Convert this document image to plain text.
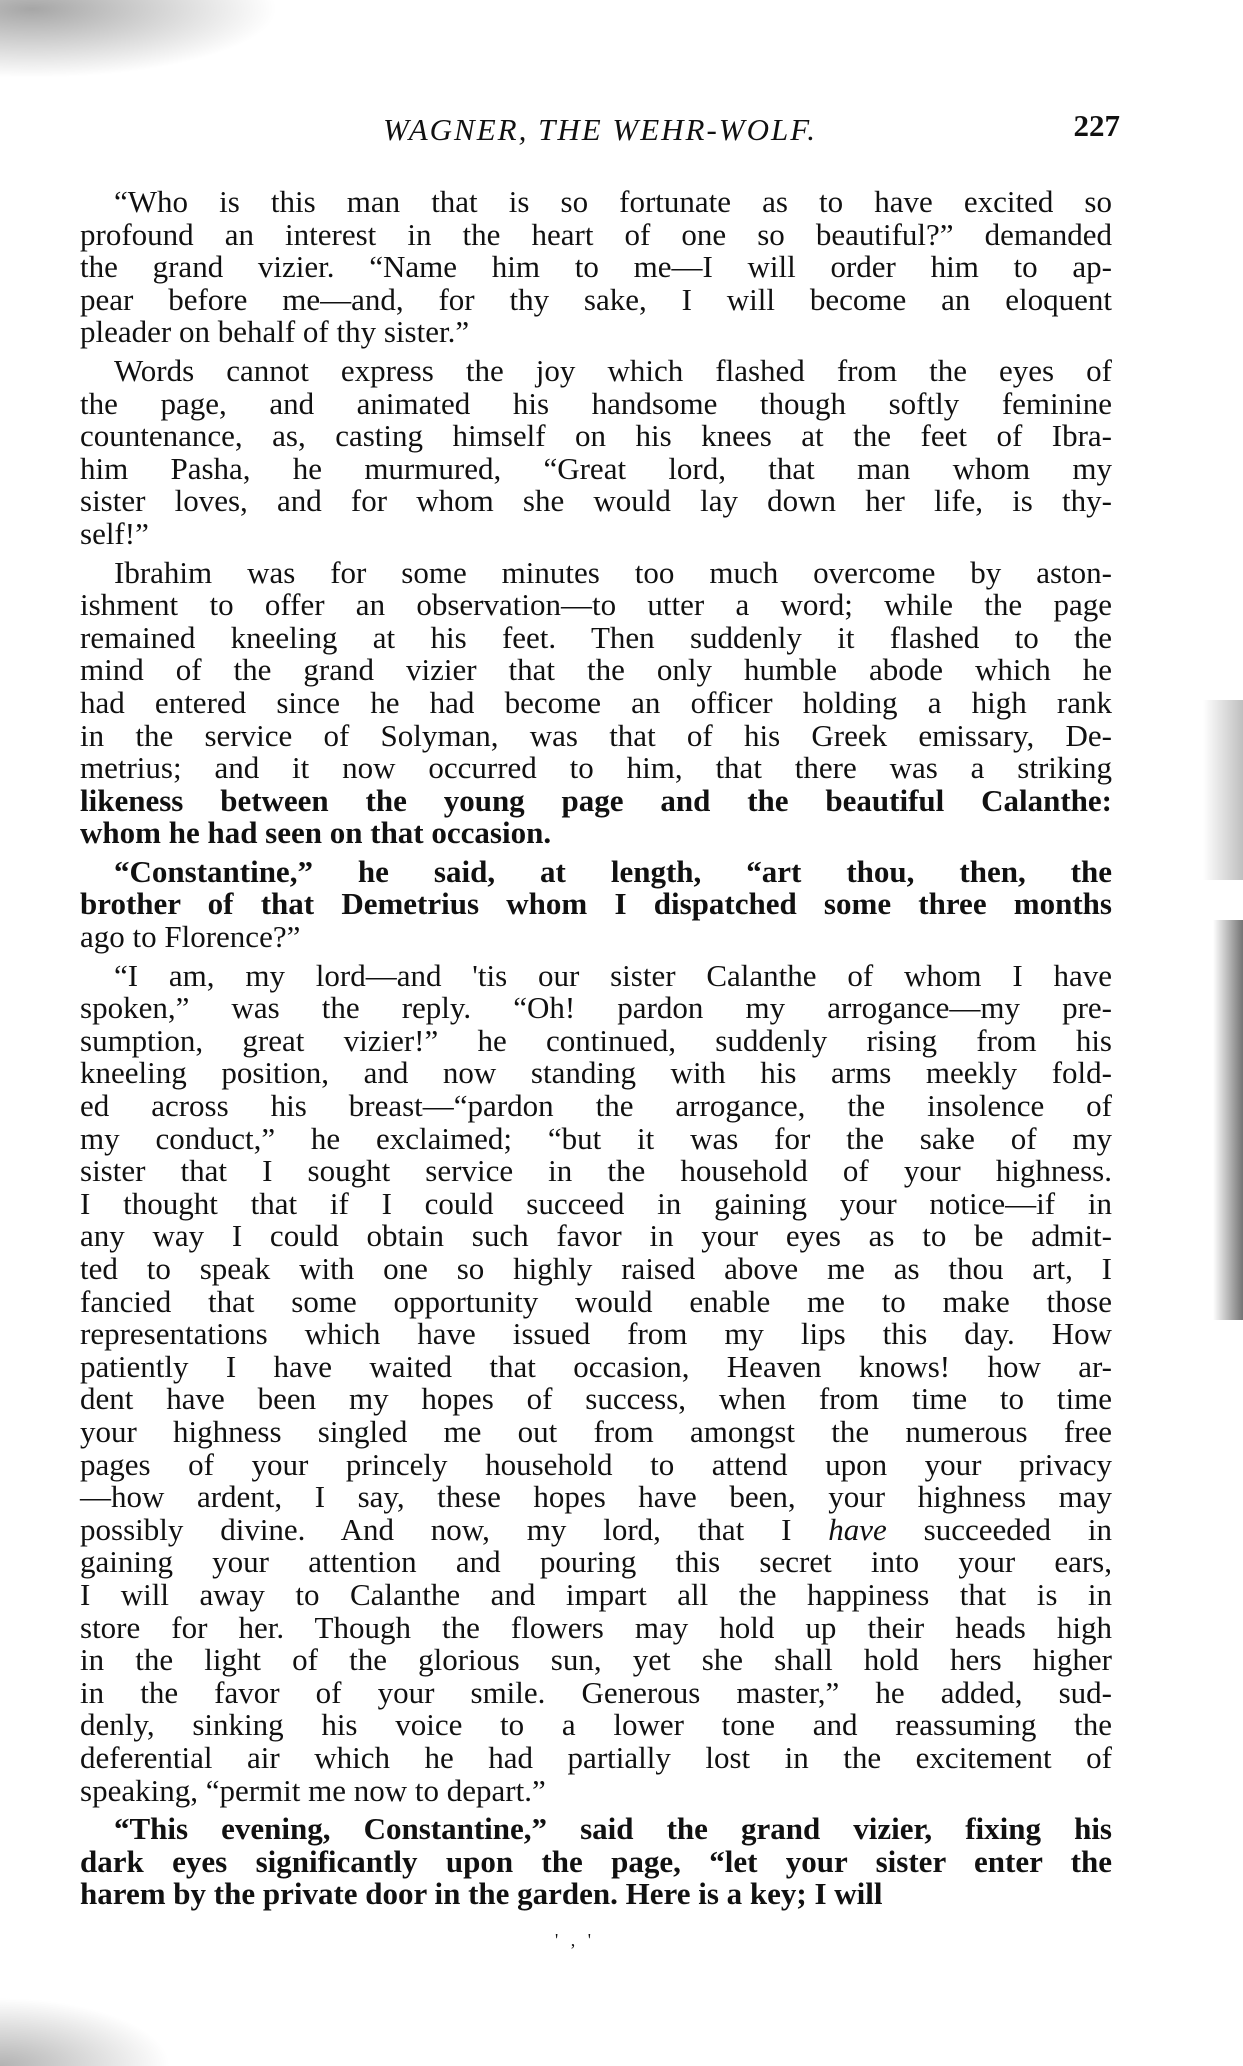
WAGNER, THE WEHR-WOLF.	227
“Who is this man that is so fortunate as to have excited so
profound an interest in the heart of one so beautiful?” demanded
the grand vizier. “Name him to me—I will order him to ap-
pear before me—and, for thy sake, I will become an eloquent
pleader on behalf of thy sister.”
Words cannot express the joy which flashed from the eyes of
the page, and animated his handsome though softly feminine
countenance, as, casting himself on his knees at the feet of Ibra-
him Pasha, he murmured, “Great lord, that man whom my
sister loves, and for whom she would lay down her life, is thy-
self!”
Ibrahim was for some minutes too much overcome by aston-
ishment to offer an observation—to utter a word; while the page
remained kneeling at his feet. Then suddenly it flashed to the
mind of the grand vizier that the only humble abode which he
had entered since he had become an officer holding a high rank
in the service of Solyman, was that of his Greek emissary, De-
metrius; and it now occurred to him, that there was a striking
likeness between the young page and the beautiful Calanthe:
whom he had seen on that occasion.
“Constantine,” he said, at length, “art thou, then, the
brother of that Demetrius whom I dispatched some three months
ago to Florence?”
“I am, my lord—and 'tis our sister Calanthe of whom I have
spoken,” was the reply. “Oh! pardon my arrogance—my pre-
sumption, great vizier!” he continued, suddenly rising from his
kneeling position, and now standing with his arms meekly fold-
ed across his breast—“pardon the arrogance, the insolence of
my conduct,” he exclaimed; “but it was for the sake of my
sister that I sought service in the household of your highness.
I thought that if I could succeed in gaining your notice—if in
any way I could obtain such favor in your eyes as to be admit-
ted to speak with one so highly raised above me as thou art, I
fancied that some opportunity would enable me to make those
representations which have issued from my lips this day. How
patiently I have waited that occasion, Heaven knows! how ar-
dent have been my hopes of success, when from time to time
your highness singled me out from amongst the numerous free
pages of your princely household to attend upon your privacy
—how ardent, I say, these hopes have been, your highness may
possibly divine. And now, my lord, that I have succeeded in
gaining your attention and pouring this secret into your ears,
I will away to Calanthe and impart all the happiness that is in
store for her. Though the flowers may hold up their heads high
in the light of the glorious sun, yet she shall hold hers higher
in the favor of your smile. Generous master,” he added, sud-
denly, sinking his voice to a lower tone and reassuming the
deferential air which he had partially lost in the excitement of
speaking, “permit me now to depart.”
“This evening, Constantine,” said the grand vizier, fixing his
dark eyes significantly upon the page, “let your sister enter the
harem by the private door in the garden. Here is a key; I will
' , '
